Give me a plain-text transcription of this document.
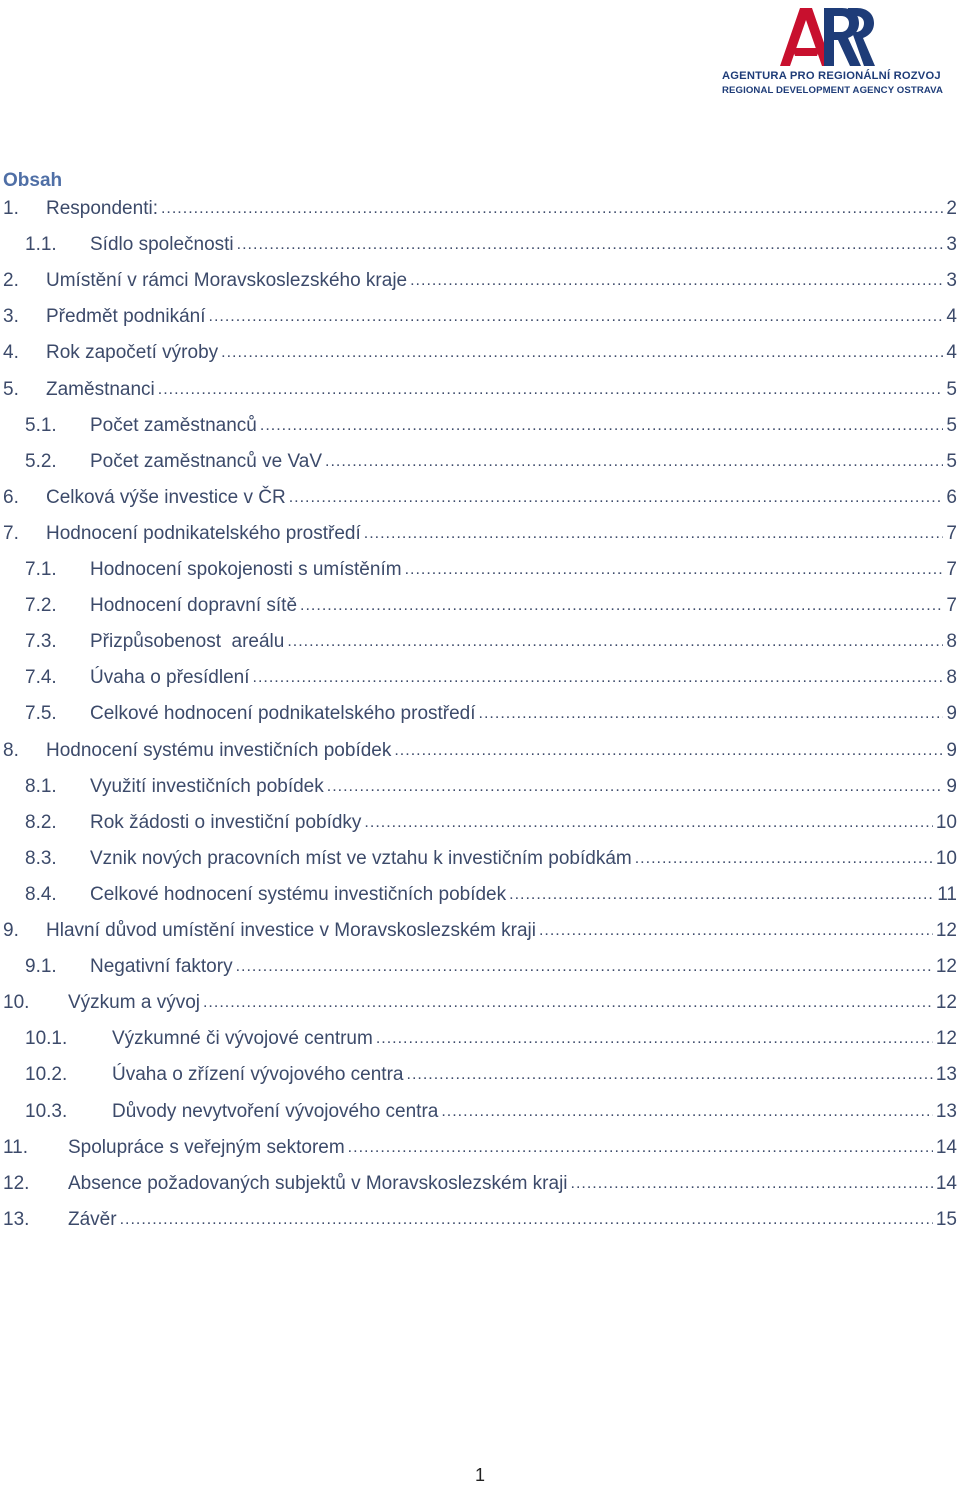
AGENTURA PRO REGIONÁLNÍ ROZVOJ
REGIONAL DEVELOPMENT AGENCY OSTRAVA
Obsah
1.	Respondenti: .....	2
1.1.	Sídlo společnosti .....	3
2.	Umístění v rámci Moravskoslezského kraje .....	3
3.	Předmět podnikání .....	4
4.	Rok započetí výroby .....	4
5.	Zaměstnanci .....	5
5.1.	Počet zaměstnanců .....	5
5.2.	Počet zaměstnanců ve VaV .....	5
6.	Celková výše investice v ČR .....	6
7.	Hodnocení podnikatelského prostředí .....	7
7.1.	Hodnocení spokojenosti s umístěním .....	7
7.2.	Hodnocení dopravní sítě .....	7
7.3.	Přizpůsobenost  areálu .....	8
7.4.	Úvaha o přesídlení .....	8
7.5.	Celkové hodnocení podnikatelského prostředí .....	9
8.	Hodnocení systému investičních pobídek .....	9
8.1.	Využití investičních pobídek .....	9
8.2.	Rok žádosti o investiční pobídky .....	10
8.3.	Vznik nových pracovních míst ve vztahu k investičním pobídkám .....	10
8.4.	Celkové hodnocení systému investičních pobídek .....	11
9.	Hlavní důvod umístění investice v Moravskoslezském kraji .....	12
9.1.	Negativní faktory .....	12
10.	Výzkum a vývoj .....	12
10.1.	Výzkumné či vývojové centrum .....	12
10.2.	Úvaha o zřízení vývojového centra .....	13
10.3.	Důvody nevytvoření vývojového centra .....	13
11.	Spolupráce s veřejným sektorem .....	14
12.	Absence požadovaných subjektů v Moravskoslezském kraji .....	14
13.	Závěr .....	15
1
